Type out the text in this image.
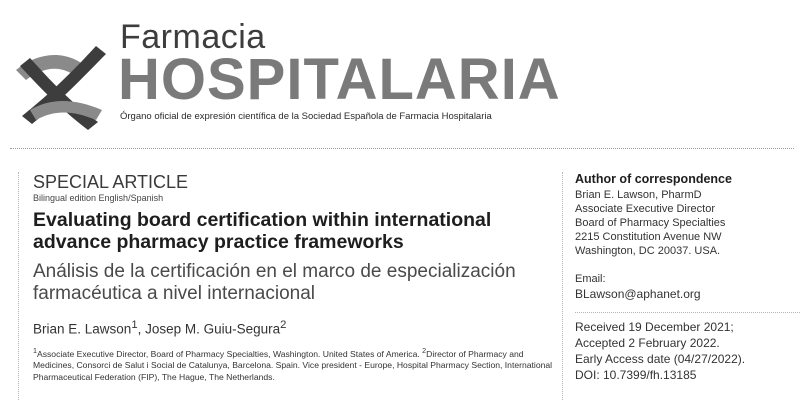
Farmacia
HOSPITALARIA
Órgano oficial de expresión científica de la Sociedad Española de Farmacia Hospitalaria

SPECIAL ARTICLE

Bilingual edition English/Spanish

Evaluating board certification within international advance pharmacy practice frameworks

Análisis de la certificación en el marco de especialización farmacéutica a nivel internacional

Brian E. Lawson$^1$, Josep M. Guiu-Segura$^2$

$^1$Associate Executive Director, Board of Pharmacy Specialties, Washington. United States of America. $^2$Director of Pharmacy and Medicines, Consorci de Salut i Social de Catalunya, Barcelona. Spain. Vice president - Europe, Hospital Pharmacy Section, International Pharmaceutical Federation (FIP), The Hague, The Netherlands.

Author of correspondence
Brian E. Lawson, PharmD
Associate Executive Director
Board of Pharmacy Specialties
2215 Constitution Avenue NW
Washington, DC 20037. USA.
Email:
BLawson@aphanet.org
Received 19 December 2021;
Accepted 2 February 2022.
Early Access date (04/27/2022).
DOI: 10.7399/fh.13185
